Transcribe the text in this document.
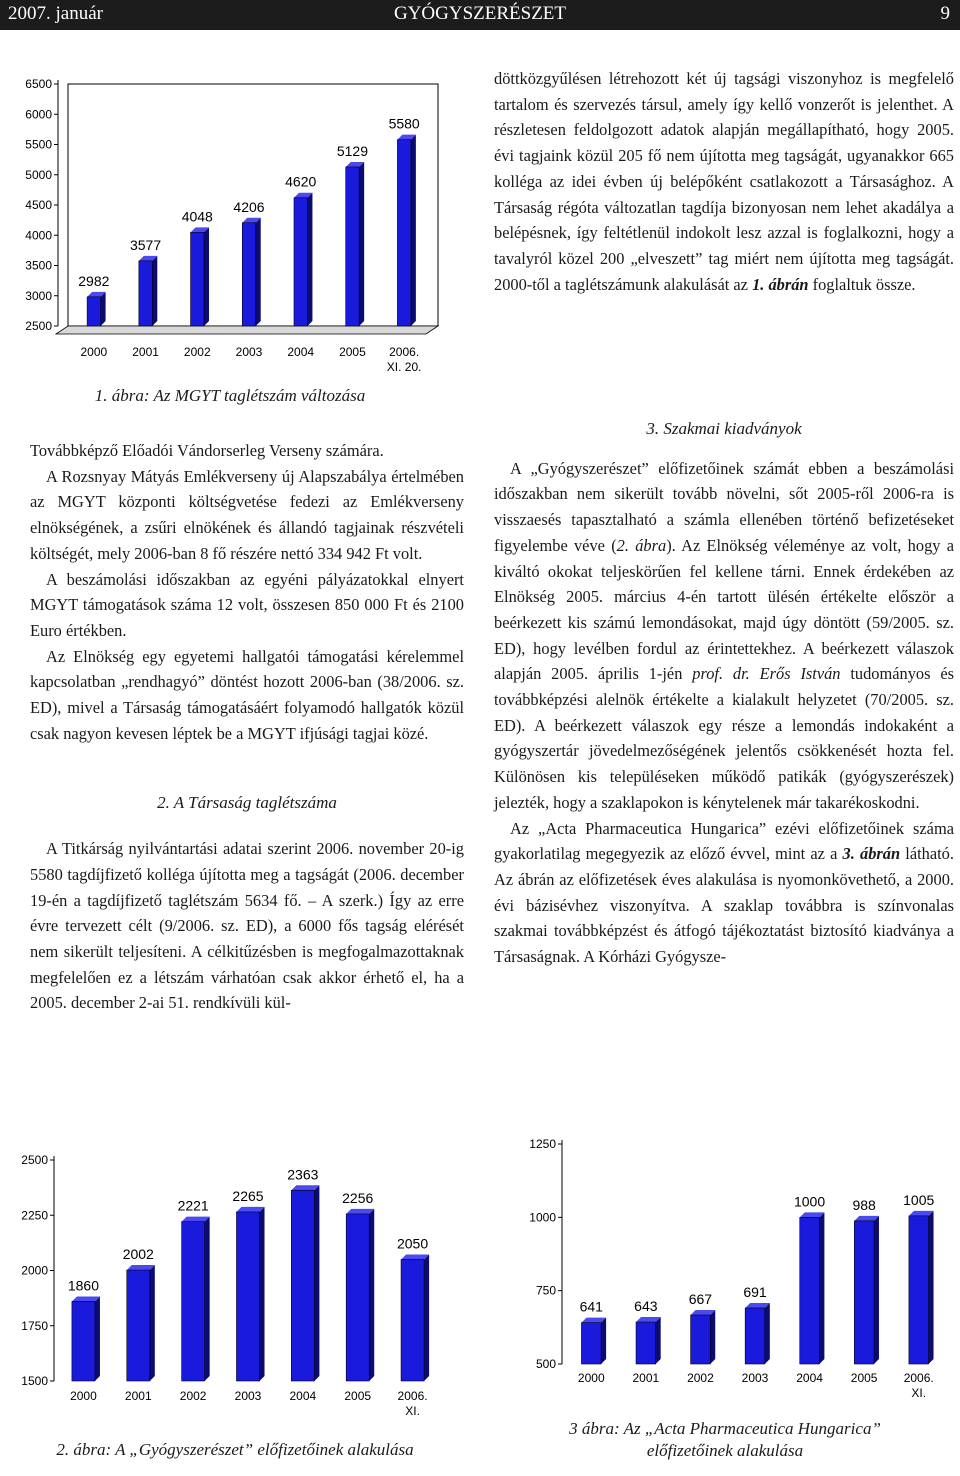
GYÓGYSZERÉSZET
2007. január	9
2500
3000
3500
4000
4500
5000
5500
6000
6500
2982
2000
3577
2001
4048
2002
4206
2003
4620
2004
5129
2005
5580
2006.
XI. 20.
1. ábra: Az MGYT taglétszám változása

döttközgyűlésen létrehozott két új tagsági viszonyhoz is megfelelő tartalom és szervezés társul, amely így kellő vonzerőt is jelenthet. A részletesen feldolgozott adatok alapján megállapítható, hogy 2005. évi tagjaink közül 205 fő nem újította meg tagságát, ugyanakkor 665 kolléga az idei évben új belépőként csatlakozott a Társasághoz. A Társaság régóta változatlan tagdíja bizonyosan nem lehet akadálya a belépésnek, így feltétlenül indokolt lesz azzal is foglalkozni, hogy a tavalyról közel 200 „elveszett” tag miért nem újította meg tagságát. 2000-től a taglétszámunk alakulását az 1. ábrán foglaltuk össze.

Továbbképző Előadói Vándorserleg Verseny számára.

A Rozsnyay Mátyás Emlékverseny új Alapszabálya értelmében az MGYT központi költségvetése fedezi az Emlékverseny elnökségének, a zsűri elnökének és állandó tagjainak részvételi költségét, mely 2006-ban 8 fő részére nettó 334 942 Ft volt.

A beszámolási időszakban az egyéni pályázatokkal elnyert MGYT támogatások száma 12 volt, összesen 850 000 Ft és 2100 Euro értékben.

Az Elnökség egy egyetemi hallgatói támogatási kérelemmel kapcsolatban „rendhagyó” döntést hozott 2006-ban (38/2006. sz. ED), mivel a Társaság támogatásáért folyamodó hallgatók közül csak nagyon kevesen léptek be a MGYT ifjúsági tagjai közé.

2. A Társaság taglétszáma

A Titkárság nyilvántartási adatai szerint 2006. november 20-ig 5580 tagdíjfizető kolléga újította meg a tagságát (2006. december 19-én a tagdíjfizető taglétszám 5634 fő. – A szerk.) Így az erre évre tervezett célt (9/2006. sz. ED), a 6000 fős tagság elérését nem sikerült teljesíteni. A célkitűzésben is megfogalmazottaknak megfelelően ez a létszám várhatóan csak akkor érhető el, ha a 2005. december 2-ai 51. rendkívüli kül-

3. Szakmai kiadványok

A „Gyógyszerészet” előfizetőinek számát ebben a beszámolási időszakban nem sikerült tovább növelni, sőt 2005-ről 2006-ra is visszaesés tapasztalható a számla ellenében történő befizetéseket figyelembe véve (2. ábra). Az Elnökség véleménye az volt, hogy a kiváltó okokat teljeskörűen fel kellene tárni. Ennek érdekében az Elnökség 2005. március 4-én tartott ülésén értékelte először a beérkezett kis számú lemondásokat, majd úgy döntött (59/2005. sz. ED), hogy levélben fordul az érintettekhez. A beérkezett válaszok alapján 2005. április 1-jén prof. dr. Erős István tudományos és továbbképzési alelnök értékelte a kialakult helyzetet (70/2005. sz. ED). A beérkezett válaszok egy része a lemondás indokaként a gyógyszertár jövedelmezőségének jelentős csökkenését hozta fel. Különösen kis településeken működő patikák (gyógyszerészek) jelezték, hogy a szaklapokon is kénytelenek már takarékoskodni.

Az „Acta Pharmaceutica Hungarica” ezévi előfizetőinek száma gyakorlatilag megegyezik az előző évvel, mint az a 3. ábrán látható. Az ábrán az előfizetések éves alakulása is nyomonkövethető, a 2000. évi bázisévhez viszonyítva. A szaklap továbbra is színvonalas szakmai továbbképzést és átfogó tájékoztatást biztosító kiadványa a Társaságnak. A Kórházi Gyógysze-

1500
1750
2000
2250
2500
1860
2000
2002
2001
2221
2002
2265
2003
2363
2004
2256
2005
2050
2006.
XI.
2. ábra: A „Gyógyszerészet” előfizetőinek alakulása
500
750
1000
1250
641
2000
643
2001
667
2002
691
2003
1000
2004
988
2005
1005
2006.
XI.
3 ábra: Az „Acta Pharmaceutica Hungarica”
előfizetőinek alakulása
